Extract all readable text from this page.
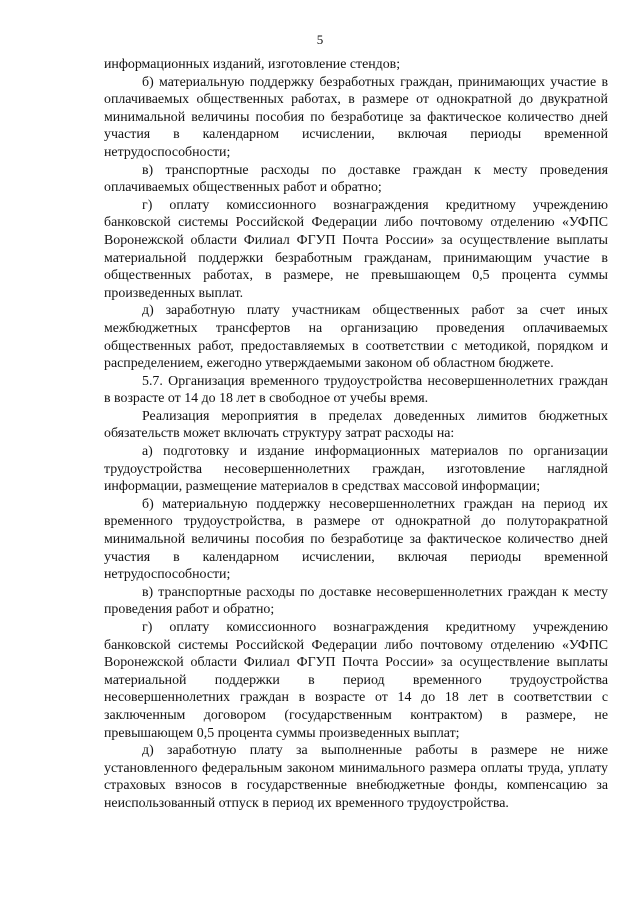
5

информационных изданий, изготовление стендов;

б) материальную поддержку безработных граждан, принимающих участие в оплачиваемых общественных работах, в размере от однократной до двукратной минимальной величины пособия по безработице за фактическое количество дней участия в календарном исчислении, включая периоды временной нетрудоспособности;

в) транспортные расходы по доставке граждан к месту проведения оплачиваемых общественных работ и обратно;

г) оплату комиссионного вознаграждения кредитному учреждению банковской системы Российской Федерации либо почтовому отделению «УФПС Воронежской области Филиал ФГУП Почта России» за осуществление выплаты материальной поддержки безработным гражданам, принимающим участие в общественных работах, в размере, не превышающем 0,5 процента суммы произведенных выплат.

д) заработную плату участникам общественных работ за счет иных межбюджетных трансфертов на организацию проведения оплачиваемых общественных работ, предоставляемых в соответствии с методикой, порядком и распределением, ежегодно утверждаемыми законом об областном бюджете.

5.7. Организация временного трудоустройства несовершеннолетних граждан в возрасте от 14 до 18 лет в свободное от учебы время.

Реализация мероприятия в пределах доведенных лимитов бюджетных обязательств может включать структуру затрат расходы на:

а) подготовку и издание информационных материалов по организации трудоустройства несовершеннолетних граждан, изготовление наглядной информации, размещение материалов в средствах массовой информации;

б) материальную поддержку несовершеннолетних граждан на период их временного трудоустройства, в размере от однократной до полуторакратной минимальной величины пособия по безработице за фактическое количество дней участия в календарном исчислении, включая периоды временной нетрудоспособности;

в) транспортные расходы по доставке несовершеннолетних граждан к месту проведения работ и обратно;

г) оплату комиссионного вознаграждения кредитному учреждению банковской системы Российской Федерации либо почтовому отделению «УФПС Воронежской области Филиал ФГУП Почта России» за осуществление выплаты материальной поддержки в период временного трудоустройства несовершеннолетних граждан в возрасте от 14 до 18 лет в соответствии с заключенным договором (государственным контрактом) в размере, не превышающем 0,5 процента суммы произведенных выплат;

д) заработную плату за выполненные работы в размере не ниже установленного федеральным законом минимального размера оплаты труда, уплату страховых взносов в государственные внебюджетные фонды, компенсацию за неиспользованный отпуск в период их временного трудоустройства.
